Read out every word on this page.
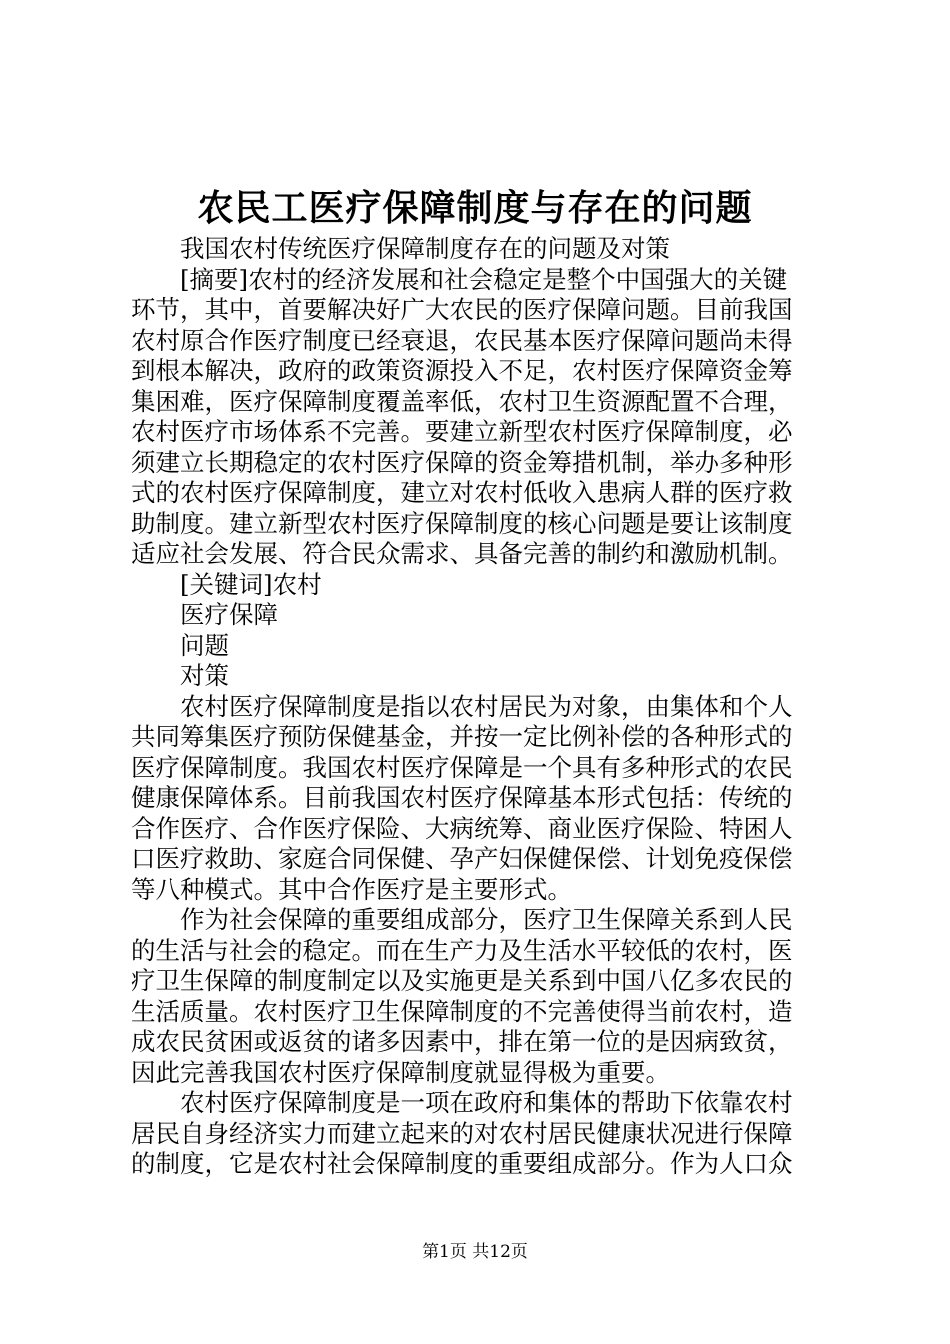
农民工医疗保障制度与存在的问题
我国农村传统医疗保障制度存在的问题及对策
[摘要]农村的经济发展和社会稳定是整个中国强大的关键
环节，其中，首要解决好广大农民的医疗保障问题。目前我国
农村原合作医疗制度已经衰退，农民基本医疗保障问题尚未得
到根本解决，政府的政策资源投入不足，农村医疗保障资金筹
集困难，医疗保障制度覆盖率低，农村卫生资源配置不合理，
农村医疗市场体系不完善。要建立新型农村医疗保障制度，必
须建立长期稳定的农村医疗保障的资金筹措机制，举办多种形
式的农村医疗保障制度，建立对农村低收入患病人群的医疗救
助制度。建立新型农村医疗保障制度的核心问题是要让该制度
适应社会发展、符合民众需求、具备完善的制约和激励机制。
[关键词]农村
医疗保障
问题
对策
农村医疗保障制度是指以农村居民为对象，由集体和个人
共同筹集医疗预防保健基金，并按一定比例补偿的各种形式的
医疗保障制度。我国农村医疗保障是一个具有多种形式的农民
健康保障体系。目前我国农村医疗保障基本形式包括：传统的
合作医疗、合作医疗保险、大病统筹、商业医疗保险、特困人
口医疗救助、家庭合同保健、孕产妇保健保偿、计划免疫保偿
等八种模式。其中合作医疗是主要形式。
作为社会保障的重要组成部分，医疗卫生保障关系到人民
的生活与社会的稳定。而在生产力及生活水平较低的农村，医
疗卫生保障的制度制定以及实施更是关系到中国八亿多农民的
生活质量。农村医疗卫生保障制度的不完善使得当前农村，造
成农民贫困或返贫的诸多因素中，排在第一位的是因病致贫，
因此完善我国农村医疗保障制度就显得极为重要。
农村医疗保障制度是一项在政府和集体的帮助下依靠农村
居民自身经济实力而建立起来的对农村居民健康状况进行保障
的制度，它是农村社会保障制度的重要组成部分。作为人口众
第1页 共12页
